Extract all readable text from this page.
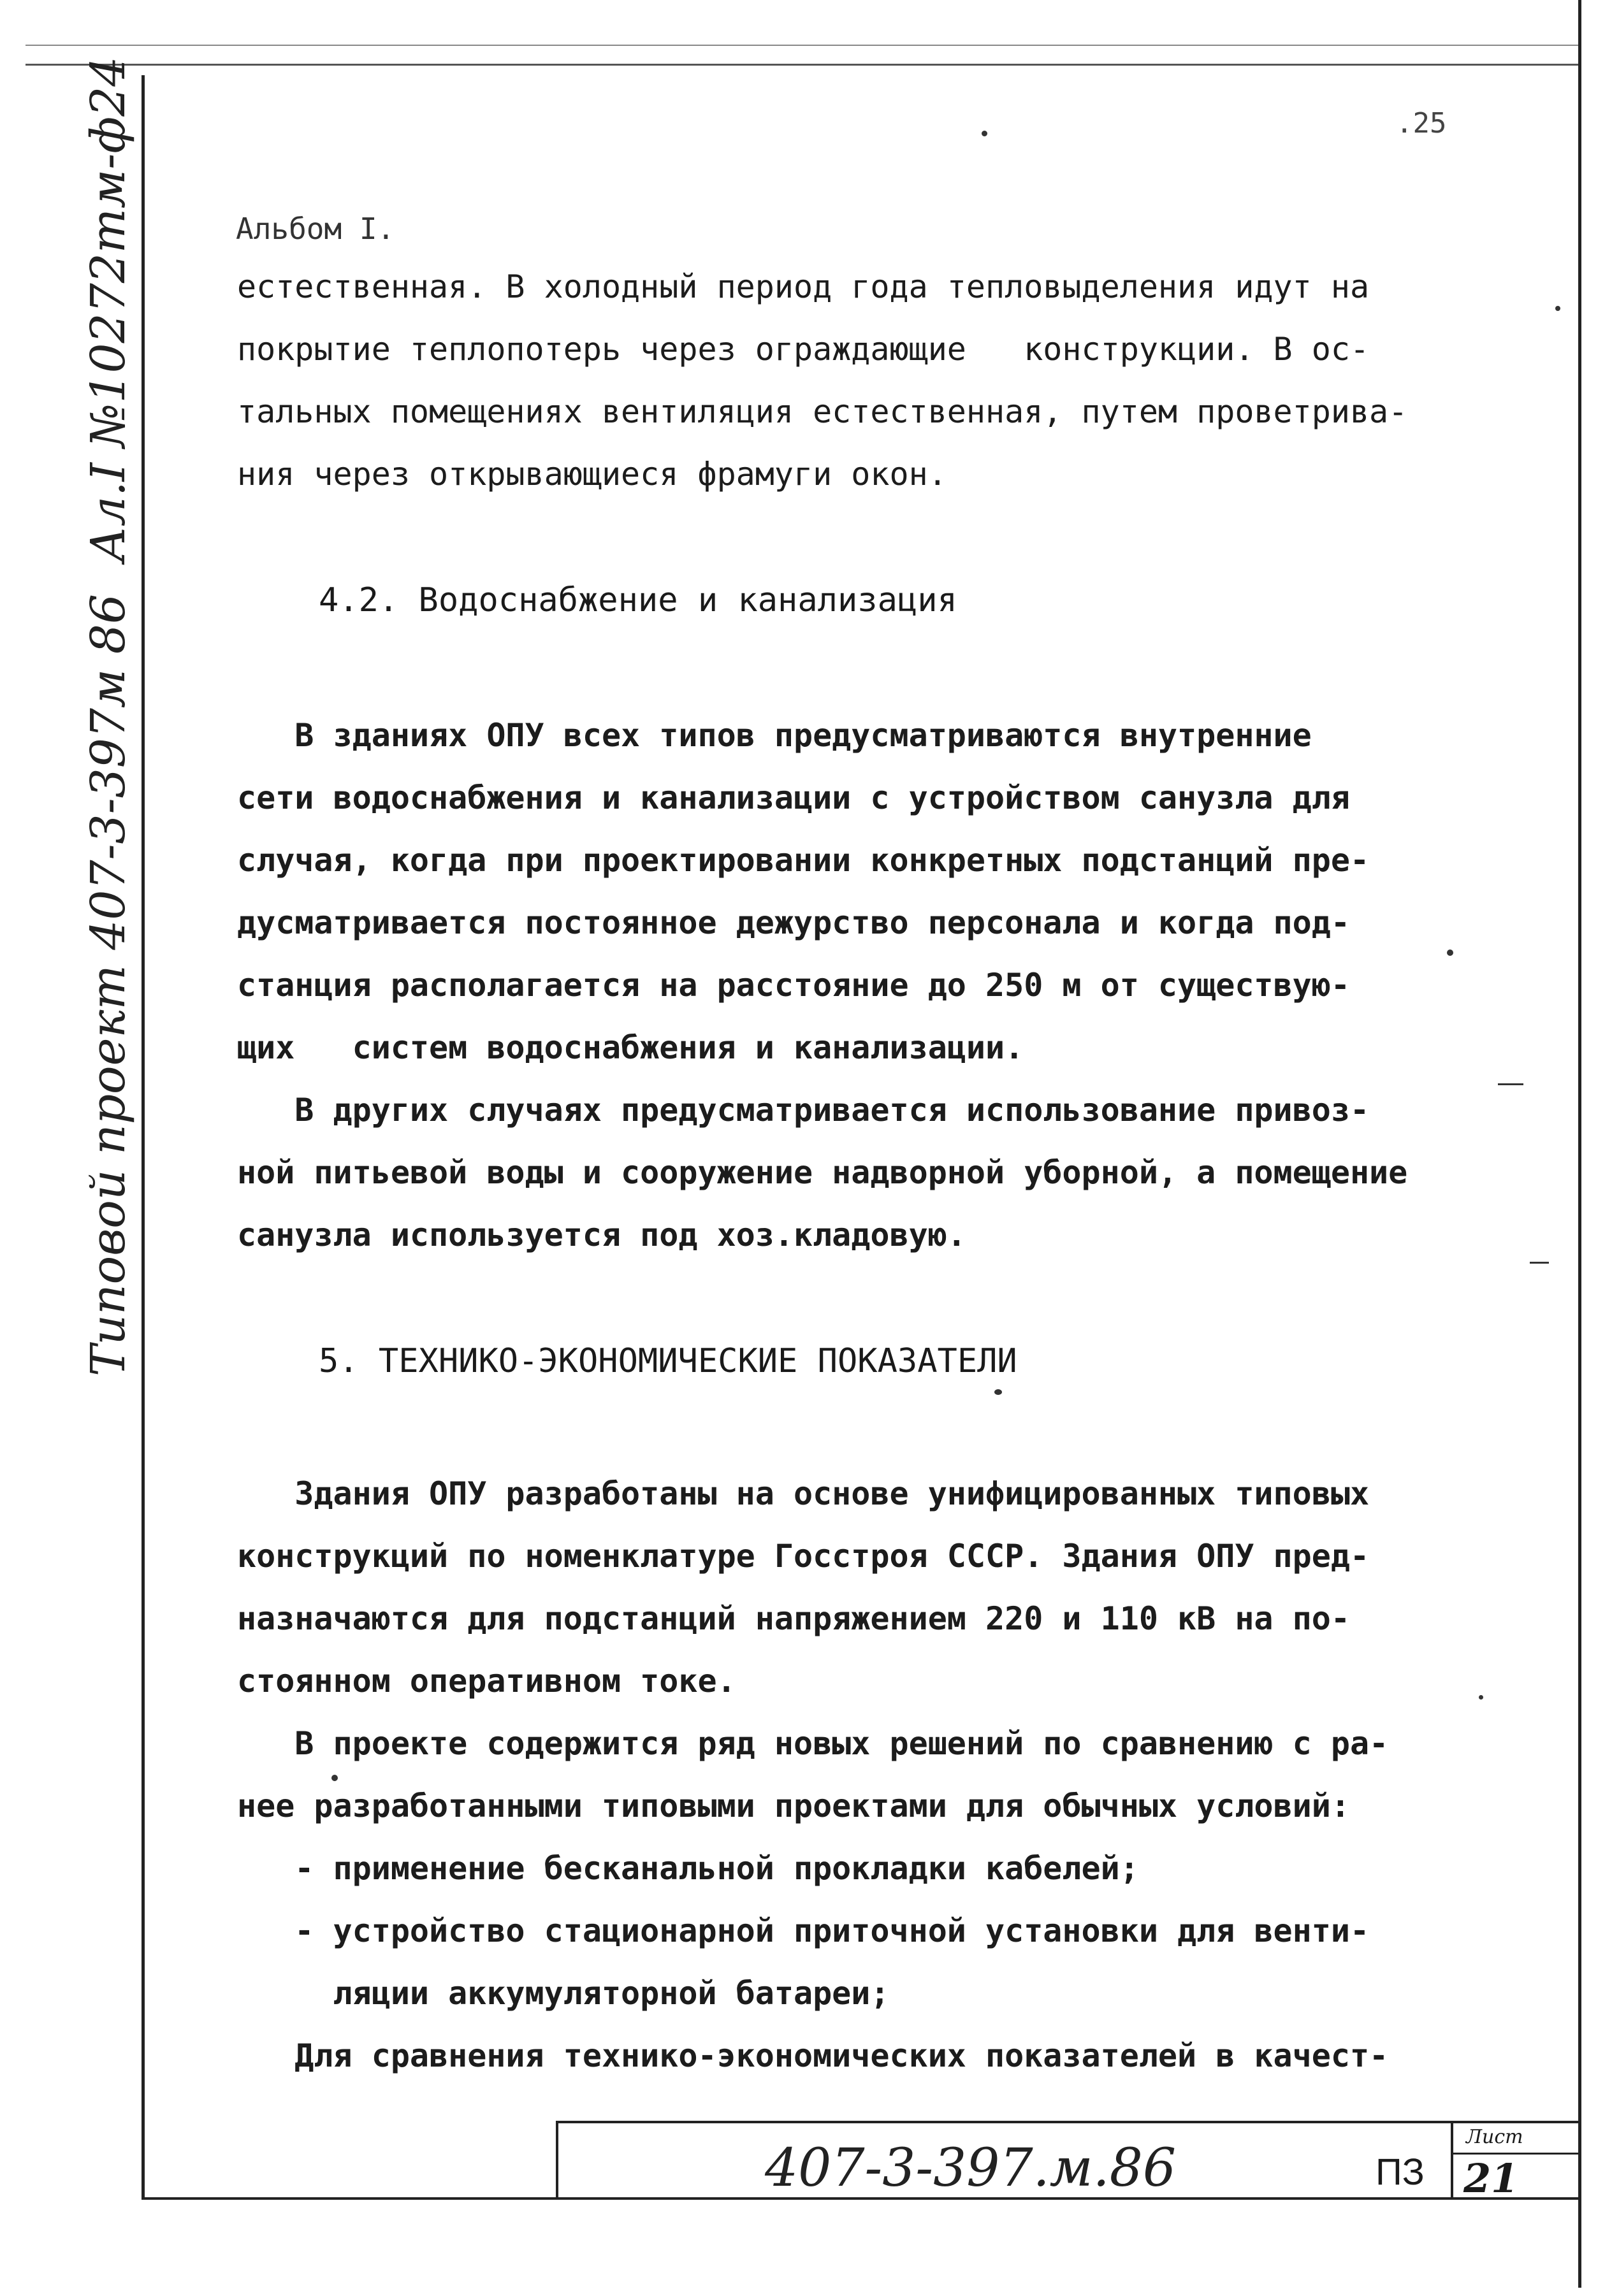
.25
Типовой проект 407-3-397м 86
Ал.I №10272тм-ф24	Альбом I.

естественная. В холодный период года тепловыделения идут на

покрытие теплопотерь через ограждающие   конструкции. В ос-

тальных помещениях вентиляция естественная, путем проветрива-

ния через открывающиеся фрамуги окон.

4.2. Водоснабжение и канализация

В зданиях ОПУ всех типов предусматриваются внутренние

сети водоснабжения и канализации с устройством санузла для

случая, когда при проектировании конкретных подстанций пре-

дусматривается постоянное дежурство персонала и когда под-

станция располагается на расстояние до 250 м от существую-

щих   систем водоснабжения и канализации.

В других случаях предусматривается использование привоз-

ной питьевой воды и сооружение надворной уборной, а помещение

санузла используется под хоз.кладовую.

5. ТЕХНИКО-ЭКОНОМИЧЕСКИЕ ПОКАЗАТЕЛИ

Здания ОПУ разработаны на основе унифицированных типовых

конструкций по номенклатуре Госстроя СССР. Здания ОПУ пред-

назначаются для подстанций напряжением 220 и 110 кВ на по-

стоянном оперативном токе.

В проекте содержится ряд новых решений по сравнению с ра-

нее разработанными типовыми проектами для обычных условий:

- применение бесканальной прокладки кабелей;

- устройство стационарной приточной установки для венти-

ляции аккумуляторной батареи;

Для сравнения технико-экономических показателей в качест-

407-3-397.м.86	ПЗ
Лист
21
